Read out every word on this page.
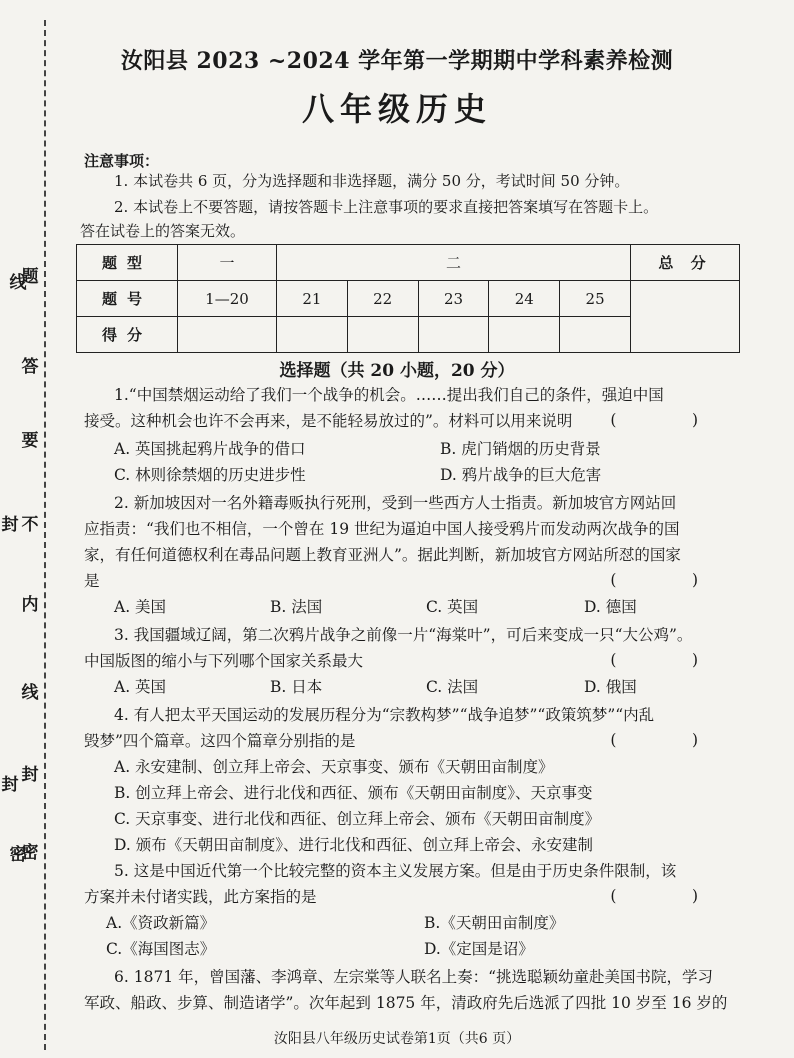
线
密
题
答
要
不
内
线
封
密
封
封
汝阳县 2023 ~2024 学年第一学期期中学科素养检测
八年级历史
注意事项：
1. 本试卷共 6 页，分为选择题和非选择题，满分 50 分，考试时间 50 分钟。
2. 本试卷上不要答题，请按答题卡上注意事项的要求直接把答案填写在答题卡上。
答在试卷上的答案无效。
题型	一	二					总 分
题号	1—20	21	22	23	24	25	
得分							
选择题（共 20 小题，20 分）

1.“中国禁烟运动给了我们一个战争的机会。……提出我们自己的条件，强迫中国

接受。这种机会也许不会再来，是不能轻易放过的”。材料可以用来说明	(　)
A. 英国挑起鸦片战争的借口	B. 虎门销烟的历史背景
C. 林则徐禁烟的历史进步性	D. 鸦片战争的巨大危害

2. 新加坡因对一名外籍毒贩执行死刑，受到一些西方人士指责。新加坡官方网站回

应指责：“我们也不相信，一个曾在 19 世纪为逼迫中国人接受鸦片而发动两次战争的国

家，有任何道德权利在毒品问题上教育亚洲人”。据此判断，新加坡官方网站所怼的国家

是	(　)
A. 美国	B. 法国	C. 英国	D. 德国

3. 我国疆域辽阔，第二次鸦片战争之前像一片“海棠叶”，可后来变成一只“大公鸡”。

中国版图的缩小与下列哪个国家关系最大	(　)
A. 英国	B. 日本	C. 法国	D. 俄国

4. 有人把太平天国运动的发展历程分为“宗教构梦”“战争追梦”“政策筑梦”“内乱

毁梦”四个篇章。这四个篇章分别指的是	(　)
A. 永安建制、创立拜上帝会、天京事变、颁布《天朝田亩制度》
B. 创立拜上帝会、进行北伐和西征、颁布《天朝田亩制度》、天京事变
C. 天京事变、进行北伐和西征、创立拜上帝会、颁布《天朝田亩制度》
D. 颁布《天朝田亩制度》、进行北伐和西征、创立拜上帝会、永安建制

5. 这是中国近代第一个比较完整的资本主义发展方案。但是由于历史条件限制，该

方案并未付诸实践，此方案指的是	(　)
A.《资政新篇》	B.《天朝田亩制度》
C.《海国图志》	D.《定国是诏》

6. 1871 年，曾国藩、李鸿章、左宗棠等人联名上奏：“挑选聪颖幼童赴美国书院，学习

军政、船政、步算、制造诸学”。次年起到 1875 年，清政府先后选派了四批 10 岁至 16 岁的

汝阳县八年级历史试卷第1页（共6 页）
